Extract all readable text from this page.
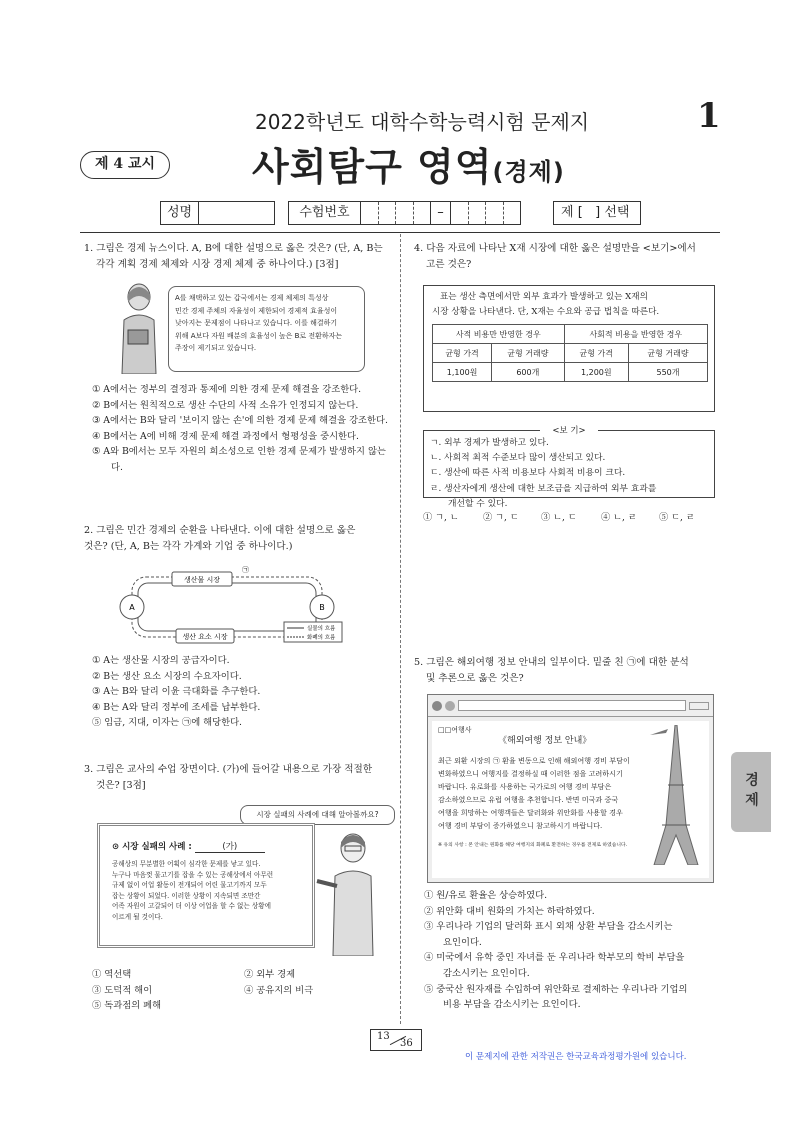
2022학년도 대학수학능력시험 문제지	1
제 4 교시	사회탐구 영역(경제)
성명	수험번호	–	제 [   ] 선택
1. 그림은 경제 뉴스이다. A, B에 대한 설명으로 옳은 것은? (단, A, B는
각각 계획 경제 체제와 시장 경제 체제 중 하나이다.) [3점]
A를 채택하고 있는 갑국에서는 경제 체제의 특성상
민간 경제 주체의 자율성이 제한되어 경제적 효율성이
낮아지는 문제점이 나타나고 있습니다. 이를 해결하기
위해 A보다 자원 배분의 효율성이 높은 B로 전환하자는
주장이 제기되고 있습니다.
① A에서는 정부의 결정과 통제에 의한 경제 문제 해결을 강조한다.
② B에서는 원칙적으로 생산 수단의 사적 소유가 인정되지 않는다.
③ A에서는 B와 달리 '보이지 않는 손'에 의한 경제 문제 해결을 강조한다.
④ B에서는 A에 비해 경제 문제 해결 과정에서 형평성을 중시한다.
⑤ A와 B에서는 모두 자원의 희소성으로 인한 경제 문제가 발생하지 않는다.
2. 그림은 민간 경제의 순환을 나타낸다. 이에 대한 설명으로 옳은
것은? (단, A, B는 각각 가계와 기업 중 하나이다.)
생산물 시장
㉠
생산 요소 시장
A	B
실물의 흐름
화폐의 흐름
① A는 생산물 시장의 공급자이다.
② B는 생산 요소 시장의 수요자이다.
③ A는 B와 달리 이윤 극대화를 추구한다.
④ B는 A와 달리 정부에 조세를 납부한다.
⑤ 임금, 지대, 이자는 ㉠에 해당한다.
3. 그림은 교사의 수업 장면이다. (가)에 들어갈 내용으로 가장 적절한
것은? [3점]
시장 실패의 사례에 대해 알아볼까요?
⊙ 시장 실패의 사례 :	(가)
공해상의 무분별한 어획이 심각한 문제를 낳고 있다.
누구나 마음껏 물고기를 잡을 수 있는 공해상에서 아무런
규제 없이 어업 활동이 전개되어 어린 물고기까지 모두
잡는 상황이 되었다. 이러한 상황이 지속되면 조만간
어족 자원이 고갈되어 더 이상 어업을 할 수 없는 상황에
이르게 될 것이다.
① 역선택	② 외부 경제
③ 도덕적 해이	④ 공유지의 비극
⑤ 독과점의 폐해
4. 다음 자료에 나타난 X재 시장에 대한 옳은 설명만을 <보기>에서
고른 것은?
표는 생산 측면에서만 외부 효과가 발생하고 있는 X재의
시장 상황을 나타낸다. 단, X재는 수요와 공급 법칙을 따른다.
사적 비용만 반영한 경우		사회적 비용을 반영한 경우	
균형 가격	균형 거래량	균형 가격	균형 거래량
1,100원	600개	1,200원	550개
<보 기>
ㄱ. 외부 경제가 발생하고 있다.
ㄴ. 사회적 최적 수준보다 많이 생산되고 있다.
ㄷ. 생산에 따른 사적 비용보다 사회적 비용이 크다.
ㄹ. 생산자에게 생산에 대한 보조금을 지급하여 외부 효과를
개선할 수 있다.
① ㄱ, ㄴ	② ㄱ, ㄷ ③ ㄴ, ㄷ	④ ㄴ, ㄹ ⑤ ㄷ, ㄹ
5. 그림은 해외여행 정보 안내의 일부이다. 밑줄 친 ㉠에 대한 분석
및 추론으로 옳은 것은?
□□여행사
《해외여행 정보 안내》
최근 외환 시장의 ㉠ 환율 변동으로 인해 해외여행 경비 부담이
변화하였으니 여행지를 결정하실 때 이러한 점을 고려하시기
바랍니다. 유로화를 사용하는 국가로의 여행 경비 부담은
감소하였으므로 유럽 여행을 추천합니다. 반면 미국과 중국
여행을 희망하는 여행객들은 달러화와 위안화를 사용할 경우
여행 경비 부담이 증가하였으니 참고하시기 바랍니다.
※ 유의 사항 : 본 안내는 원화를 해당 여행지의 화폐로 환전하는 경우를 전제로 하였습니다.
① 원/유로 환율은 상승하였다.
② 위안화 대비 원화의 가치는 하락하였다.
③ 우리나라 기업의 달러화 표시 외채 상환 부담을 감소시키는
요인이다.
④ 미국에서 유학 중인 자녀를 둔 우리나라 학부모의 학비 부담을
감소시키는 요인이다.
⑤ 중국산 원자재를 수입하여 위안화로 결제하는 우리나라 기업의
비용 부담을 감소시키는 요인이다.
경제
13
36
이 문제지에 관한 저작권은 한국교육과정평가원에 있습니다.
